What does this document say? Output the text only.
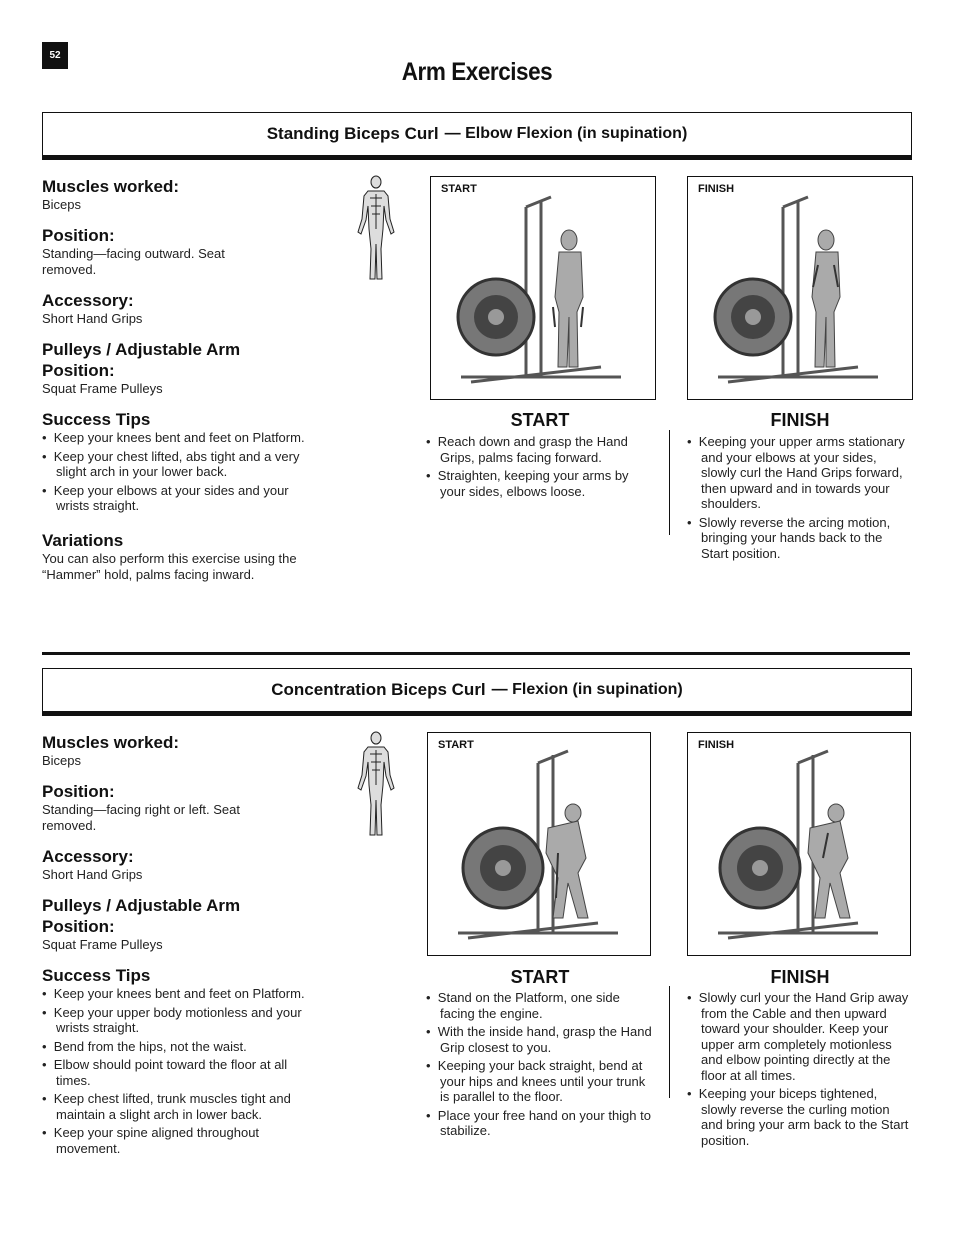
52
Arm Exercises
Standing Biceps Curl — Elbow Flexion (in supination)

Muscles worked:

Biceps

Position:

Standing—facing outward. Seat removed.

Accessory:

Short Hand Grips

Pulleys / Adjustable Arm Position:

Squat Frame Pulleys

Success Tips

•  Keep your knees bent and feet on Platform.
•  Keep your chest lifted, abs tight and a very slight arch in your lower back.
•  Keep your elbows at your sides and your wrists straight.

Variations

You can also perform this exercise using the “Hammer” hold, palms facing inward.

START	FINISH
START
•  Reach down and grasp the Hand Grips, palms facing forward.
•  Straighten, keeping your arms by your sides, elbows loose.
FINISH
•  Keeping your upper arms stationary and your elbows at your sides, slowly curl the Hand Grips forward, then upward and in towards your shoulders.
•  Slowly reverse the arcing motion, bringing your hands back to the Start position.
Concentration Biceps Curl — Flexion (in supination)

Muscles worked:

Biceps

Position:

Standing—facing right or left. Seat removed.

Accessory:

Short Hand Grips

Pulleys / Adjustable Arm Position:

Squat Frame Pulleys

Success Tips

•  Keep your knees bent and feet on Platform.
•  Keep your upper body motionless and your wrists straight.
•  Bend from the hips, not the waist.
•  Elbow should point toward the floor at all times.
•  Keep chest lifted, trunk muscles tight and maintain a slight arch in lower back.
•  Keep your spine aligned throughout movement.
START	FINISH
START
•  Stand on the Platform, one side facing the engine.
•  With the inside hand, grasp the Hand Grip closest to you.
•  Keeping your back straight, bend at your hips and knees until your trunk is parallel to the floor.
•  Place your free hand on your thigh to stabilize.
FINISH
•  Slowly curl your the Hand Grip away from the Cable and then upward toward your shoulder. Keep your upper arm completely motionless and elbow pointing directly at the floor at all times.
•  Keeping your biceps tightened, slowly reverse the curling motion and bring your arm back to the Start position.
